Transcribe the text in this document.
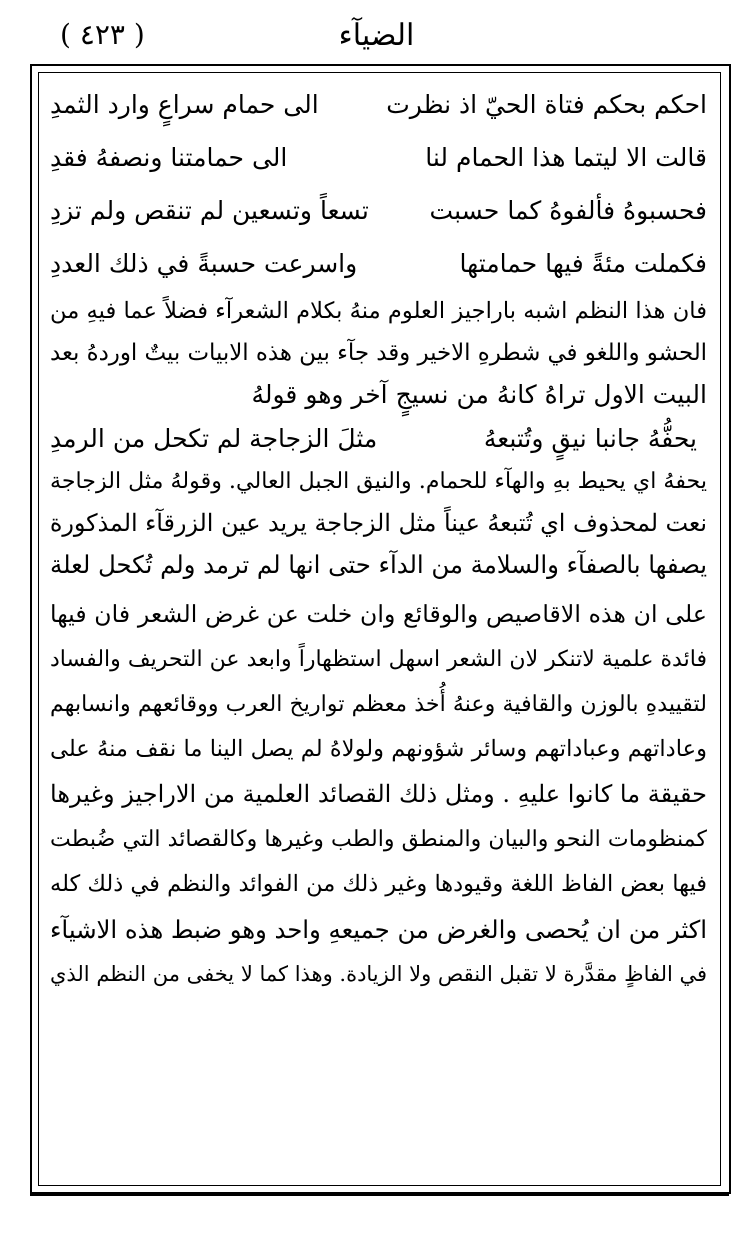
( ٤٢٣ )	الضيآء
احكم بحكم فتاة الحيّ اذ نظرت
الى حمام سراعٍ وارد الثمدِ
قالت الا ليتما هذا الحمام لنا
الى حمامتنا ونصفهُ فقدِ
فحسبوهُ فألفوهُ كما حسبت
تسعاً وتسعين لم تنقص ولم تزدِ
فكملت مئةً فيها حمامتها
واسرعت حسبةً في ذلك العددِ
فان هذا النظم اشبه باراجيز العلوم منهُ بكلام الشعرآء فضلاً عما فيهِ من
الحشو واللغو في شطرهِ الاخير وقد جآء بين هذه الابيات بيتٌ اوردهُ بعد
البيت الاول تراهُ كانهُ من نسيجٍ آخر وهو قولهُ
يحفُّهُ جانبا نيقٍ وتُتبعهُ
مثلَ الزجاجة لم تكحل من الرمدِ
يحفهُ اي يحيط بهِ والهآء للحمام. والنيق الجبل العالي. وقولهُ مثل الزجاجة
نعت لمحذوف اي تُتبعهُ عيناً مثل الزجاجة يريد عين الزرقآء المذكورة
يصفها بالصفآء والسلامة من الدآء حتى انها لم ترمد ولم تُكحل لعلة
على ان هذه الاقاصيص والوقائع وان خلت عن غرض الشعر فان فيها
فائدة علمية لاتنكر لان الشعر اسهل استظهاراً وابعد عن التحريف والفساد
لتقييدهِ بالوزن والقافية وعنهُ أُخذ معظم تواريخ العرب ووقائعهم وانسابهم
وعاداتهم وعباداتهم وسائر شؤونهم ولولاهُ لم يصل الينا ما نقف منهُ على
حقيقة ما كانوا عليهِ . ومثل ذلك القصائد العلمية من الاراجيز وغيرها
كمنظومات النحو والبيان والمنطق والطب وغيرها وكالقصائد التي ضُبطت
فيها بعض الفاظ اللغة وقيودها وغير ذلك من الفوائد والنظم في ذلك كله
اكثر من ان يُحصى والغرض من جميعهِ واحد وهو ضبط هذه الاشيآء
في الفاظٍ مقدَّرة لا تقبل النقص ولا الزيادة. وهذا كما لا يخفى من النظم الذي
